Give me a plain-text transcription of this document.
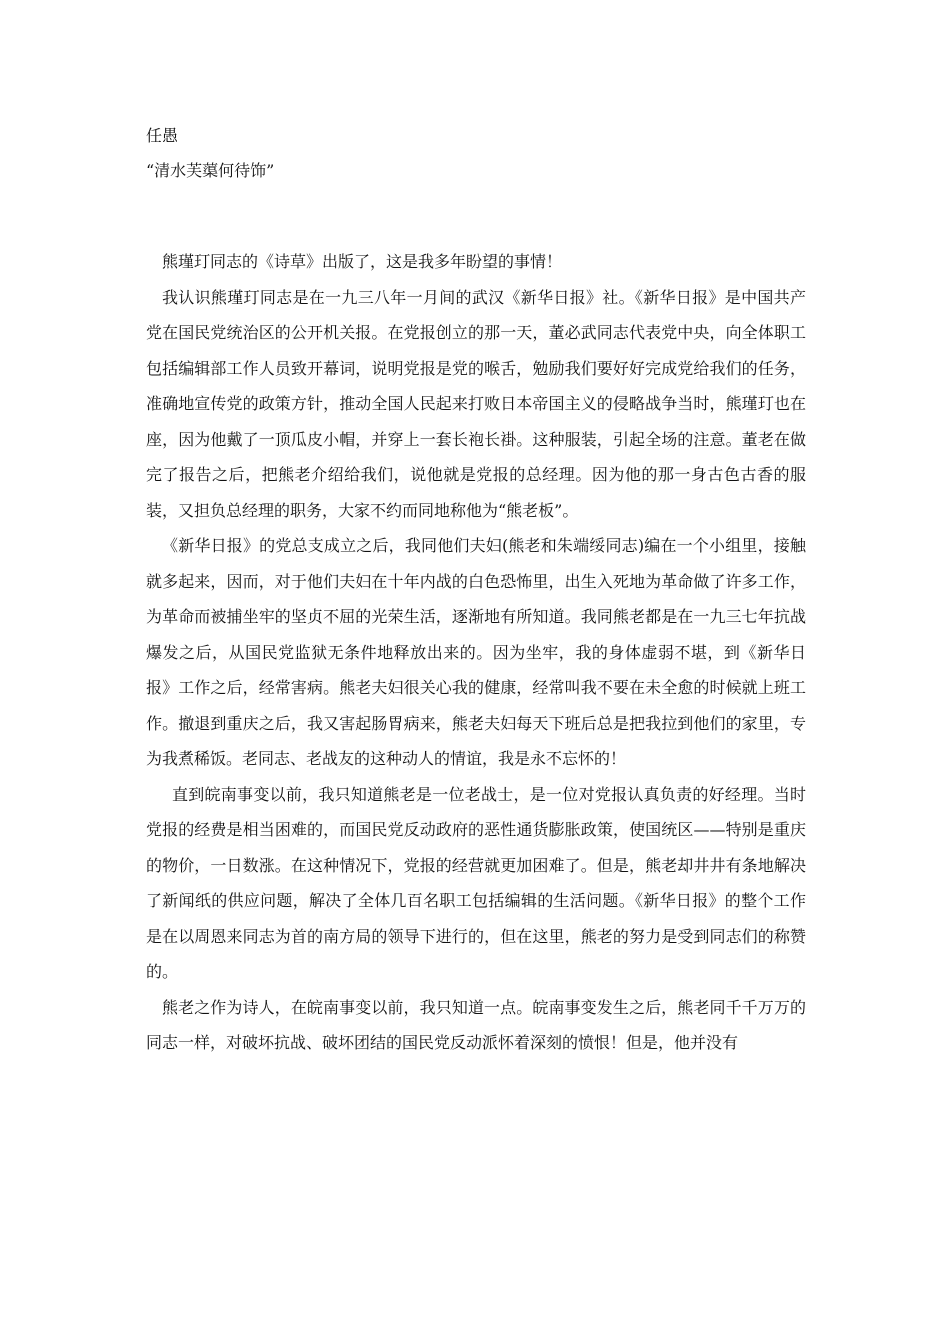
任愚
“清水芙蕖何待饰”

熊瑾玎同志的《诗草》出版了，这是我多年盼望的事情！

我认识熊瑾玎同志是在一九三八年一月间的武汉《新华日报》社。《新华日报》是中国共产党在国民党统治区的公开机关报。在党报创立的那一天，董必武同志代表党中央，向全体职工包括编辑部工作人员致开幕词，说明党报是党的喉舌，勉励我们要好好完成党给我们的任务，准确地宣传党的政策方针，推动全国人民起来打败日本帝国主义的侵略战争当时，熊瑾玎也在座，因为他戴了一顶瓜皮小帽，并穿上一套长袍长褂。这种服装，引起全场的注意。董老在做完了报告之后，把熊老介绍给我们，说他就是党报的总经理。因为他的那一身古色古香的服装，又担负总经理的职务，大家不约而同地称他为“熊老板”。

《新华日报》的党总支成立之后，我同他们夫妇(熊老和朱端绥同志)编在一个小组里，接触就多起来，因而，对于他们夫妇在十年内战的白色恐怖里，出生入死地为革命做了许多工作，为革命而被捕坐牢的坚贞不屈的光荣生活，逐渐地有所知道。我同熊老都是在一九三七年抗战爆发之后，从国民党监狱无条件地释放出来的。因为坐牢，我的身体虚弱不堪，到《新华日报》工作之后，经常害病。熊老夫妇很关心我的健康，经常叫我不要在未全愈的时候就上班工作。撤退到重庆之后，我又害起肠胃病来，熊老夫妇每天下班后总是把我拉到他们的家里，专为我煮稀饭。老同志、老战友的这种动人的情谊，我是永不忘怀的！

直到皖南事变以前，我只知道熊老是一位老战士，是一位对党报认真负责的好经理。当时党报的经费是相当困难的，而国民党反动政府的恶性通货膨胀政策，使国统区——特别是重庆的物价，一日数涨。在这种情况下，党报的经营就更加困难了。但是，熊老却井井有条地解决了新闻纸的供应问题，解决了全体几百名职工包括编辑的生活问题。《新华日报》的整个工作是在以周恩来同志为首的南方局的领导下进行的，但在这里，熊老的努力是受到同志们的称赞的。

熊老之作为诗人，在皖南事变以前，我只知道一点。皖南事变发生之后，熊老同千千万万的同志一样，对破坏抗战、破坏团结的国民党反动派怀着深刻的愤恨！但是，他并没有
